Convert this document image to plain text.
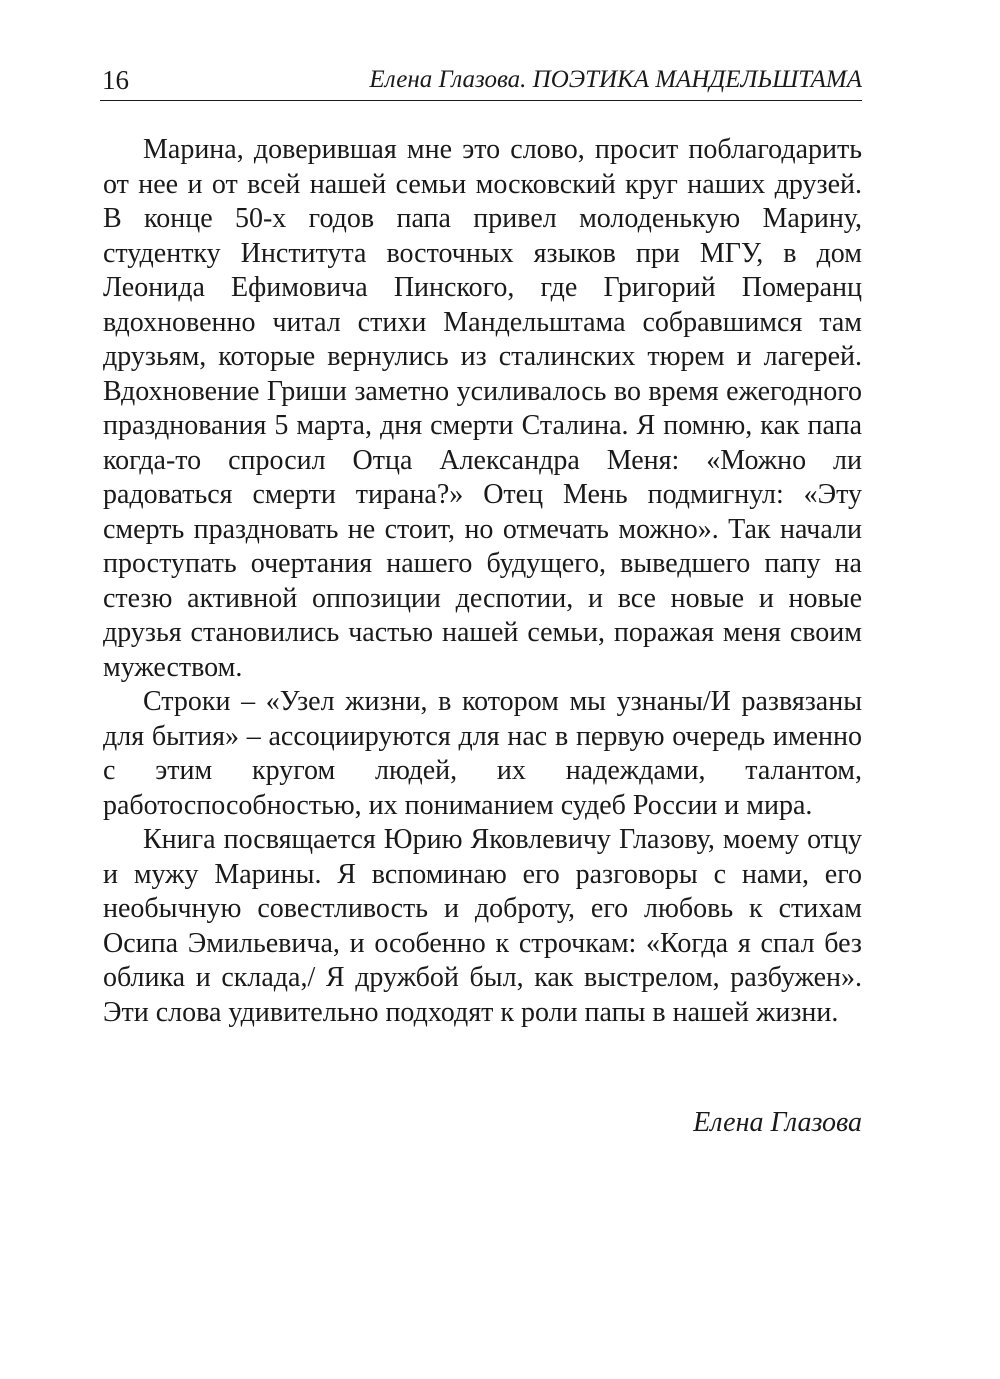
16	Елена Глазова. ПОЭТИКА МАНДЕЛЬШТАМА

Марина, доверившая мне это слово, просит поблагодарить от нее и от всей нашей семьи московский круг наших друзей. В конце 50-х годов папа привел молоденькую Марину, студентку Института восточных языков при МГУ, в дом Леонида Ефимовича Пинского, где Григорий Померанц вдохновенно читал стихи Мандельштама собравшимся там друзьям, которые вернулись из сталинских тюрем и лагерей. Вдохновение Гриши заметно усиливалось во время ежегодного празднования 5 марта, дня смерти Сталина. Я помню, как папа когда-то спросил Отца Александра Меня: «Можно ли радоваться смерти тирана?» Отец Мень подмигнул: «Эту смерть праздновать не стоит, но отмечать можно». Так начали проступать очертания нашего будущего, выведшего папу на стезю активной оппозиции деспотии, и все новые и новые друзья становились частью нашей семьи, поражая меня своим мужеством.

Строки – «Узел жизни, в котором мы узнаны/И развязаны для бытия» – ассоциируются для нас в первую очередь именно с этим кругом людей, их надеждами, талантом, работоспособностью, их пониманием судеб России и мира.

Книга посвящается Юрию Яковлевичу Глазову, моему отцу и мужу Марины. Я вспоминаю его разговоры с нами, его необычную совестливость и доброту, его любовь к стихам Осипа Эмильевича, и особенно к строчкам: «Когда я спал без облика и склада,/ Я дружбой был, как выстрелом, разбужен». Эти слова удивительно подходят к роли папы в нашей жизни.

Елена Глазова
